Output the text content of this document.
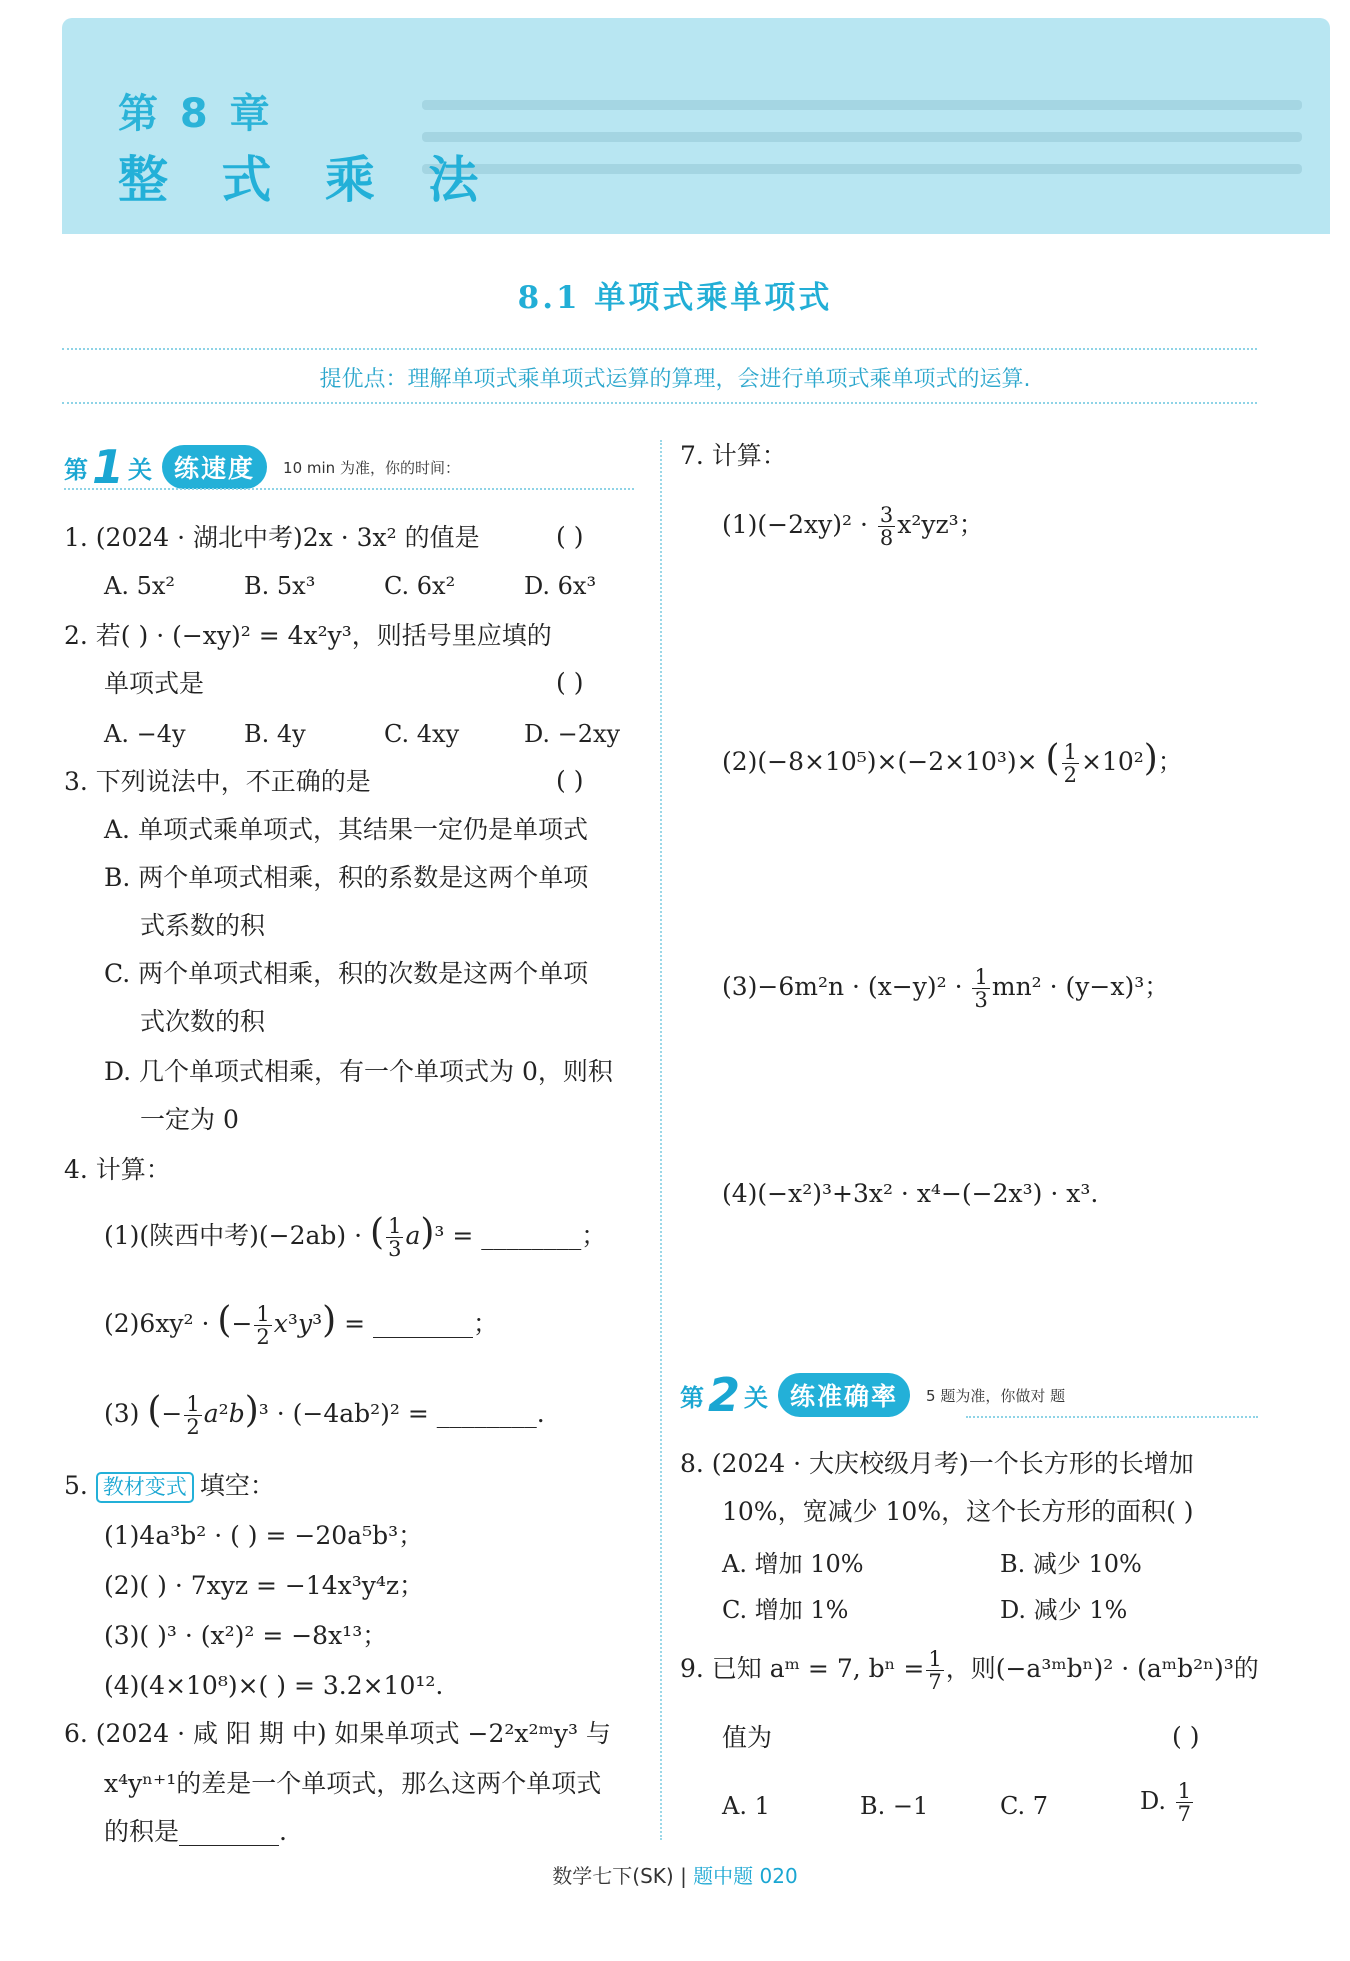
第 8 章
整 式 乘 法
8.1 单项式乘单项式
提优点：理解单项式乘单项式运算的算理，会进行单项式乘单项式的运算.
第 1 关 练速度	10 min 为准，你的时间：
1. (2024 · 湖北中考)2x · 3x² 的值是	( )
A. 5x²	B. 5x³	C. 6x²	D. 6x³
2. 若( ) · (−xy)² = 4x²y³，则括号里应填的
单项式是	( )
A. −4y B. 4y	C. 4xy	D. −2xy
3. 下列说法中，不正确的是	( )
A. 单项式乘单项式，其结果一定仍是单项式
B. 两个单项式相乘，积的系数是这两个单项
式系数的积
C. 两个单项式相乘，积的次数是这两个单项
式次数的积
D. 几个单项式相乘，有一个单项式为 0，则积
一定为 0
4. 计算：
(1)(陕西中考)(−2ab) · ( $\frac{1}{3} a)^3$ = ________；
(2)6xy² · (− $\frac{1}{2} x^3y^3$) = ________；
(3) (− $\frac{1}{2} a^2b)^3 \cdot (-4ab^2)^2$ = ________.
5. 教材变式 填空：
(1)4a³b² · ( ) = −20a⁵b³；
(2)( ) · 7xyz = −14x³y⁴z；
(3)( )³ · (x²)² = −8x¹³；
(4)(4×10⁸)×( ) = 3.2×10¹².
6. (2024 · 咸 阳 期 中) 如果单项式 −2²x²ᵐy³ 与
x⁴yⁿ⁺¹的差是一个单项式，那么这两个单项式
的积是________.
7. 计算：
$(1)(-2xy)^2 \cdot \frac{3}{8} x^2yz^3$；
(2)(−8×10⁵)×(−2×10³)× ( $\frac{1}{2} \times 10^2$)；
$(3)-6m^2n \cdot (x-y)^2 \cdot \frac{1}{3} mn^2 \cdot (y-x)^3$；
(4)(−x²)³+3x² · x⁴−(−2x³) · x³.
第 2 关 练准确率	5 题为准，你做对 题
8. (2024 · 大庆校级月考)一个长方形的长增加
10%，宽减少 10%，这个长方形的面积( )
A. 增加 10%	B. 减少 10%
C. 增加 1%	D. 减少 1%
9. 已知 aᵐ = 7, $b^n = \frac{1}{7}$ ，则(−a³ᵐbⁿ)² · (aᵐb²ⁿ)³的
值为	( )
A. 1	B. −1	C. 7	D. $\frac{1}{7}$
数学七下(SK) | 题中题 020
